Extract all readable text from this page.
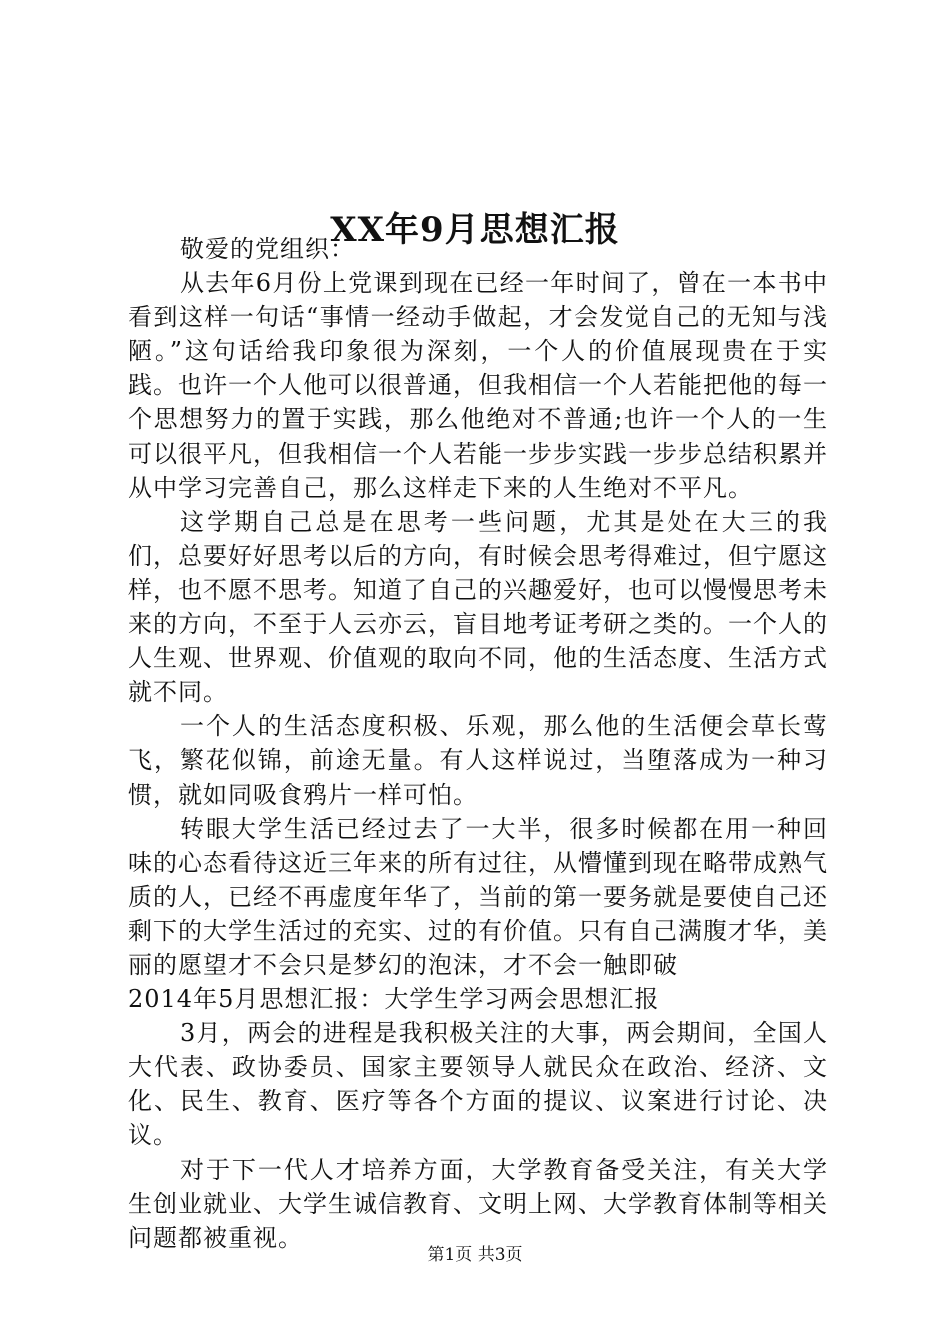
XX年9月思想汇报

敬爱的党组织：

从去年6月份上党课到现在已经一年时间了，曾在一本书中看到这样一句话“事情一经动手做起，才会发觉自己的无知与浅陋。”这句话给我印象很为深刻，一个人的价值展现贵在于实践。也许一个人他可以很普通，但我相信一个人若能把他的每一个思想努力的置于实践，那么他绝对不普通;也许一个人的一生可以很平凡，但我相信一个人若能一步步实践一步步总结积累并从中学习完善自己，那么这样走下来的人生绝对不平凡。

这学期自己总是在思考一些问题，尤其是处在大三的我们，总要好好思考以后的方向，有时候会思考得难过，但宁愿这样，也不愿不思考。知道了自己的兴趣爱好，也可以慢慢思考未来的方向，不至于人云亦云，盲目地考证考研之类的。一个人的人生观、世界观、价值观的取向不同，他的生活态度、生活方式就不同。

一个人的生活态度积极、乐观，那么他的生活便会草长莺飞，繁花似锦，前途无量。有人这样说过，当堕落成为一种习惯，就如同吸食鸦片一样可怕。

转眼大学生活已经过去了一大半，很多时候都在用一种回味的心态看待这近三年来的所有过往，从懵懂到现在略带成熟气质的人，已经不再虚度年华了，当前的第一要务就是要使自己还剩下的大学生活过的充实、过的有价值。只有自己满腹才华，美丽的愿望才不会只是梦幻的泡沫，才不会一触即破

2014年5月思想汇报：大学生学习两会思想汇报

3月，两会的进程是我积极关注的大事，两会期间，全国人大代表、政协委员、国家主要领导人就民众在政治、经济、文化、民生、教育、医疗等各个方面的提议、议案进行讨论、决议。

对于下一代人才培养方面，大学教育备受关注，有关大学生创业就业、大学生诚信教育、文明上网、大学教育体制等相关问题都被重视。

第1页 共3页
